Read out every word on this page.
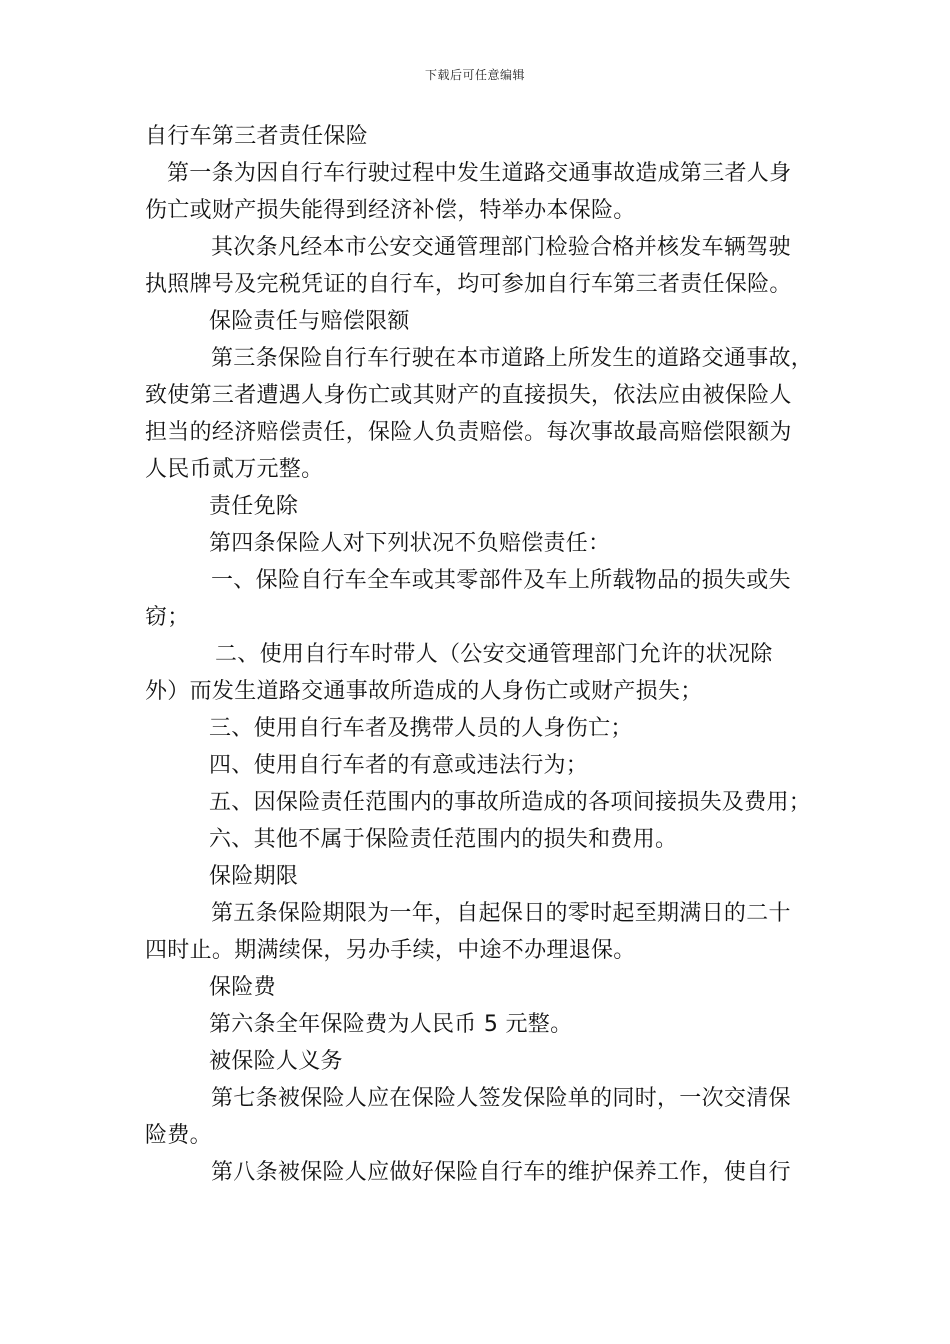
下载后可任意编辑
自行车第三者责任保险
第一条为因自行车行驶过程中发生道路交通事故造成第三者人身
伤亡或财产损失能得到经济补偿，特举办本保险。
其次条凡经本市公安交通管理部门检验合格并核发车辆驾驶
执照牌号及完税凭证的自行车，均可参加自行车第三者责任保险。
保险责任与赔偿限额
第三条保险自行车行驶在本市道路上所发生的道路交通事故，
致使第三者遭遇人身伤亡或其财产的直接损失，依法应由被保险人
担当的经济赔偿责任，保险人负责赔偿。每次事故最高赔偿限额为
人民币贰万元整。
责任免除
第四条保险人对下列状况不负赔偿责任：
一、保险自行车全车或其零部件及车上所载物品的损失或失
窃；
二、使用自行车时带人（公安交通管理部门允许的状况除
外）而发生道路交通事故所造成的人身伤亡或财产损失；
三、使用自行车者及携带人员的人身伤亡；
四、使用自行车者的有意或违法行为；
五、因保险责任范围内的事故所造成的各项间接损失及费用；
六、其他不属于保险责任范围内的损失和费用。
保险期限
第五条保险期限为一年，自起保日的零时起至期满日的二十
四时止。期满续保，另办手续，中途不办理退保。
保险费
第六条全年保险费为人民币 5 元整。
被保险人义务
第七条被保险人应在保险人签发保险单的同时，一次交清保
险费。
第八条被保险人应做好保险自行车的维护保养工作，使自行
